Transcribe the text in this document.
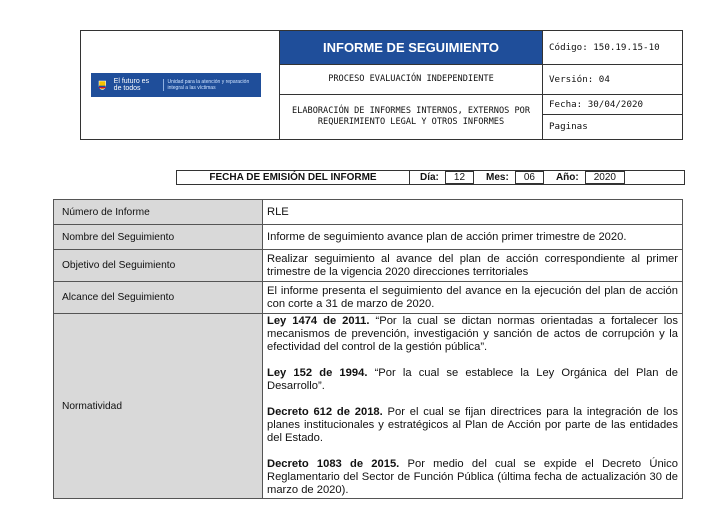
El futuro es de todos
Unidad para la atención y reparación integral a las víctimas	INFORME DE SEGUIMIENTO	Código: 150.19.15-10
	PROCESO EVALUACIÓN INDEPENDIENTE	Versión: 04
	ELABORACIÓN DE INFORMES INTERNOS, EXTERNOS POR REQUERIMIENTO LEGAL Y OTROS INFORMES	Fecha: 30/04/2020
		Paginas
FECHA DE EMISIÓN DEL INFORME	Día:	12	Mes:	06	Año:	2020
Número de Informe	RLE
Nombre del Seguimiento	Informe de seguimiento avance plan de acción primer trimestre de 2020.
Objetivo del Seguimiento	Realizar seguimiento al avance del plan de acción correspondiente al primer trimestre de la vigencia 2020 direcciones territoriales
Alcance del Seguimiento	El informe presenta el seguimiento del avance en la ejecución del plan de acción con corte a 31 de marzo de 2020.
Normatividad	Ley 1474 de 2011. “Por la cual se dictan normas orientadas a fortalecer los mecanismos de prevención, investigación y sanción de actos de corrupción y la efectividad del control de la gestión pública”.

Ley 152 de 1994. “Por la cual se establece la Ley Orgánica del Plan de Desarrollo”.

Decreto 612 de 2018. Por el cual se fijan directrices para la integración de los planes institucionales y estratégicos al Plan de Acción por parte de las entidades del Estado.

Decreto 1083 de 2015. Por medio del cual se expide el Decreto Único Reglamentario del Sector de Función Pública (última fecha de actualización 30 de marzo de 2020).
